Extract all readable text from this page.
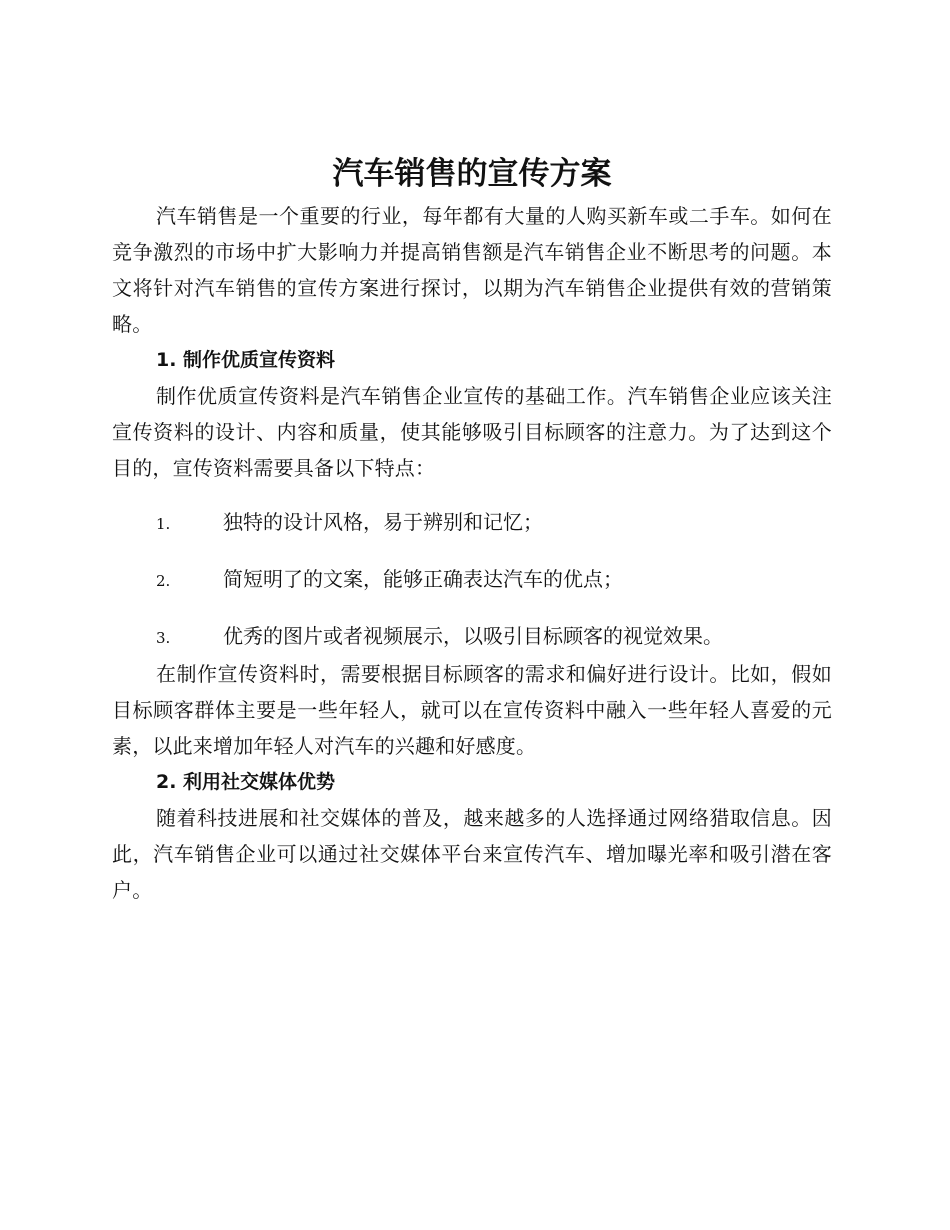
汽车销售的宣传方案

汽车销售是一个重要的行业，每年都有大量的人购买新车或二手车。如何在竞争激烈的市场中扩大影响力并提高销售额是汽车销售企业不断思考的问题。本文将针对汽车销售的宣传方案进行探讨，以期为汽车销售企业提供有效的营销策略。

1. 制作优质宣传资料

制作优质宣传资料是汽车销售企业宣传的基础工作。汽车销售企业应该关注宣传资料的设计、内容和质量，使其能够吸引目标顾客的注意力。为了达到这个目的，宣传资料需要具备以下特点：

1.	独特的设计风格，易于辨别和记忆；
2.	简短明了的文案，能够正确表达汽车的优点；
3.	优秀的图片或者视频展示，以吸引目标顾客的视觉效果。

在制作宣传资料时，需要根据目标顾客的需求和偏好进行设计。比如，假如目标顾客群体主要是一些年轻人，就可以在宣传资料中融入一些年轻人喜爱的元素，以此来增加年轻人对汽车的兴趣和好感度。

2. 利用社交媒体优势

随着科技进展和社交媒体的普及，越来越多的人选择通过网络猎取信息。因此，汽车销售企业可以通过社交媒体平台来宣传汽车、增加曝光率和吸引潜在客户。
